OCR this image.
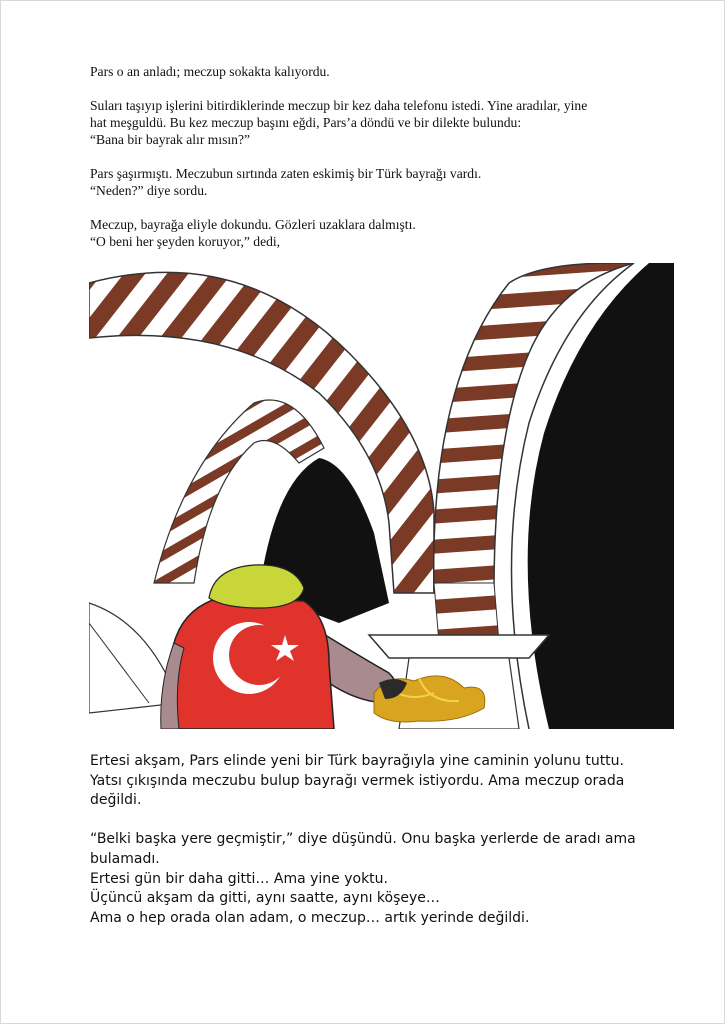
Pars o an anladı; meczup sokakta kalıyordu.

Suları taşıyıp işlerini bitirdiklerinde meczup bir kez daha telefonu istedi. Yine aradılar, yine
hat meşguldü. Bu kez meczup başını eğdi, Pars’a döndü ve bir dilekte bulundu:
“Bana bir bayrak alır mısın?”

Pars şaşırmıştı. Meczubun sırtında zaten eskimiş bir Türk bayrağı vardı.
“Neden?” diye sordu.

Meczup, bayrağa eliyle dokundu. Gözleri uzaklara dalmıştı.
“O beni her şeyden koruyor,” dedi,

Ertesi akşam, Pars elinde yeni bir Türk bayrağıyla yine caminin yolunu tuttu.
Yatsı çıkışında meczubu bulup bayrağı vermek istiyordu. Ama meczup orada
değildi.

“Belki başka yere geçmiştir,” diye düşündü. Onu başka yerlerde de aradı ama
bulamadı.
Ertesi gün bir daha gitti… Ama yine yoktu.
Üçüncü akşam da gitti, aynı saatte, aynı köşeye…
Ama o hep orada olan adam, o meczup… artık yerinde değildi.
